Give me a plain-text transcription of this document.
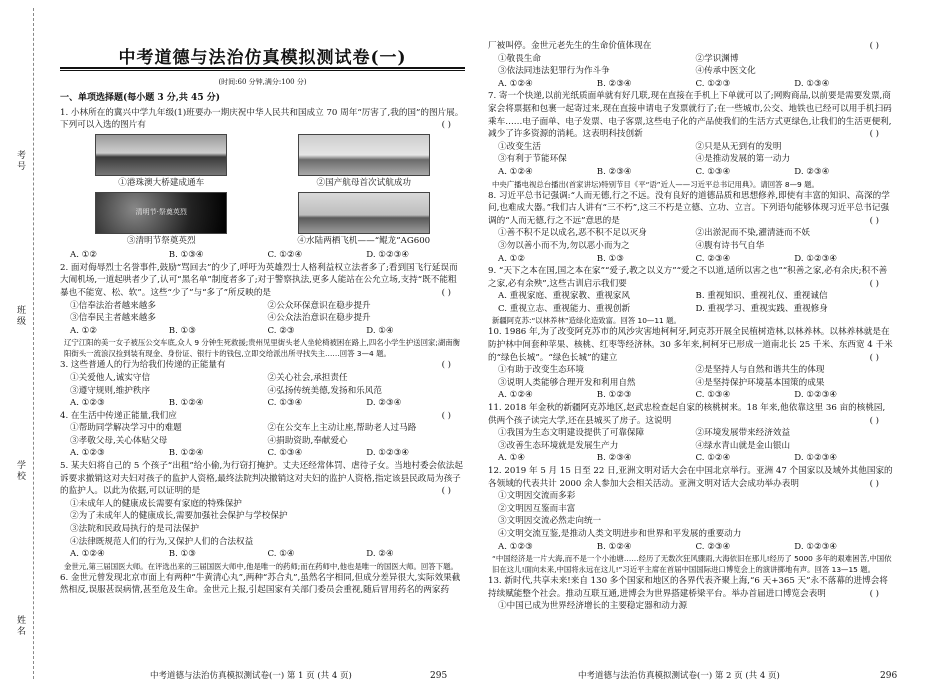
考号
班级
学校
姓名
中考道德与法治仿真模拟测试卷(一)
(时间:60 分钟,满分:100 分)
一、单项选择题(每小题 3 分,共 45 分)
1. 小林所在的冀兴中学九年级(1)班要办一期庆祝中华人民共和国成立 70 周年“厉害了,我的国”的图片展。下列可以入选的图片有	( )
①港珠澳大桥建成通车	②国产航母首次试航成功
清明节·祭奠英烈
③清明节祭奠英烈	④水陆两栖飞机——“鲲龙”AG600
A. ①②	B. ①③④	C. ①②④	D. ①②③④
2. 面对侮辱烈士名誉事件,鼓励“骂回去”的少了,呼吁为英雄烈士人格利益权立法者多了;看到国飞行延误而大闹机场,一道起哄者少了,认可“黑名单”制度者多了;对于警察执法,更多人能站在公允立场,支持“既不能粗暴也不能宽、松、软”。这些“少了”与“多了”所反映的是	( )
①信奉法治者越来越多	②公众环保意识在稳步提升
③信奉民主者越来越多	④公众法治意识在稳步提升
A. ①②	B. ①③	C. ②③	D. ①④
辽宁江阳的美一女子被压公交车底,众人 9 分钟生死救援;贵州见里街头老人坐轮椅被困在路上,四名小学生护送回家;湖南衡阳街头一流浪汉捡到装有现金、身份证、银行卡的钱包,立即交给派出所寻找失主……回答 3—4 题。
3. 这些普通人的行为给我们传递的正能量有	( )
①关爱他人,诚实守信	②关心社会,承担责任
③遵守规则,维护秩序	④弘扬传统美德,发扬和乐风范
A. ①②③	B. ①②④	C. ①③④	D. ②③④
4. 在生活中传递正能量,我们应	( )
①帮助同学解决学习中的难题	②在公交车上主动让座,帮助老人过马路
③孝敬父母,关心体贴父母	④捐助资助,奉献爱心
A. ①②③	B. ①②④	C. ①③④	D. ①②③④
5. 某夫妇将自己的 5 个孩子“出租”给小偷,为行窃打掩护。丈夫还经常体罚、虐待子女。当地村委会依法起诉要求撤销这对夫妇对孩子的监护人资格,最终法院判决撤销这对夫妇的监护人资格,指定该县民政局为孩子的监护人。以此为依据,可以证明的是	( )
①未成年人的健康成长需要有家庭的特殊保护
②为了未成年人的健康成长,需要加强社会保护与学校保护
③法院和民政局执行的是司法保护
④法律既规范人们的行为,又保护人们的合法权益
A. ①②④	B. ①③	C. ①④	D. ②④
金世元,第三届国医大师。在评选出来的三届国医大师中,他是唯一的药师;而在药师中,他也是唯一的国医大师。回答下题。
6. 金世元曾发现北京市面上有两种“牛黄清心丸”,两种“苏合丸”,虽然名字相同,但成分差异很大,实际效果截然相反,误服甚误病情,甚至危及生命。金世元上报,引起国家有关部门委员会重视,随后冒用药名的两家药
厂被叫停。金世元老先生的生命价值体现在	( )
①敬畏生命	②学识渊博
③依法同违法犯罪行为作斗争	④传承中医文化
A. ①②④	B. ②③④	C. ①②③	D. ①③④
7. 寄一个快递,以前光纸质面单就有好几联,现在直接在手机上下单就可以了;网购商品,以前要是需要发票,商家会将票据和包裹一起寄过来,现在直接申请电子发票就行了;在一些城市,公交、地铁也已经可以用手机扫码乘车……电子面单、电子发票、电子客票,这些电子化的产品使我们的生活方式更绿色,让我们的生活更便利,减少了许多资源的消耗。这表明科技创新	( )
①改变生活	②只是从无到有的发明
③有利于节能环保	④是推动发展的第一动力
A. ①②④	B. ②③④	C. ①③④	D. ②③④
中央广播电视总台播出(首家讲坛)特别节目《平“语”近人——习近平总书记用典》。请回答 8—9 题。
8. 习近平总书记强调:“人而无德,行之不远。没有良好的道德品质和思想修养,即使有丰富的知识、高深的学问,也难成大器。”我们古人讲有“三不朽”,这三不朽是立德、立功、立言。下列语句能够体现习近平总书记强调的“人而无德,行之不远”意思的是	( )
①善不积不足以成名,恶不积不足以灭身	②出淤泥而不染,濯清涟而不妖
③勿以善小而不为,勿以恶小而为之	④腹有诗书气自华
A. ①②	B. ①③	C. ②③④	D. ①②③④
9. “天下之本在国,国之本在家”“爱子,教之以义方”“爱之不以道,适所以害之也”“积善之家,必有余庆;积不善之家,必有余殃”,这些古训启示我们要	( )
A. 重视家庭、重视家教、重视家风	B. 重视知识、重视礼仪、重视诚信
C. 重视立志、重视能力、重视创新	D. 重视学习、重视实践、重视修身
新疆阿克苏:“以林养林”造绿化造致富。回答 10—11 题。
10. 1986 年,为了改变阿克苏市的风沙灾害地柯柯牙,阿克苏开展全民植树造林,以林养林。以林养林就是在防护林中间套种苹果、核桃、红枣等经济林。30 多年来,柯柯牙已形成一道南北长 25 千米、东西宽 4 千米的“绿色长城”。“绿色长城”的建立	( )
①有助于改变生态环境	②是坚持人与自然和谐共生的体现
③说明人类能够合理开发和利用自然	④是坚持保护环境基本国策的成果
A. ①②④	B. ①②③	C. ①③④	D. ①②③④
11. 2018 年金秋的新疆阿克苏地区,赵武忠检查起自家的核桃树来。18 年来,他依靠这里 36 亩的核桃园,供两个孩子读完大学,还在县城买了房子。这说明	( )
①我国为生态文明建设提供了可靠保障	②环境发展带来经济效益
③改善生态环境就是发展生产力	④绿水青山就是金山银山
A. ①④	B. ②③④	C. ①②④	D. ①②③④
12. 2019 年 5 月 15 日至 22 日,亚洲文明对话大会在中国北京举行。亚洲 47 个国家以及域外其他国家的各领域的代表共计 2000 余人参加大会相关活动。亚洲文明对话大会成功举办表明	( )
①文明因交流而多彩
②文明因互鉴而丰富
③文明因交流必然走向统一
④文明交流互鉴,是推动人类文明进步和世界和平发展的重要动力
A. ①②③	B. ①②④	C. ②③④	D. ①②③④
“中国经济是一片大海,而不是一个小池塘……经历了无数次狂风骤雨,大海依旧在那儿!经历了 5000 多年的艰难困苦,中国依旧在这儿!面向未来,中国将永远在这儿!”习近平主席在首届中国国际进口博览会上的演讲掷地有声。回答 13—15 题。
13. 新时代,共享未来!来自 130 多个国家和地区的各界代表齐聚上海,“6 天+365 天”永不落幕的进博会将持续赋能整个社会。推动互联互通,进博会为世界搭建桥梁平台。举办首届进口博览会表明	( )
①中国已成为世界经济增长的主要稳定器和动力源
中考道德与法治仿真模拟测试卷(一) 第 1 页 (共 4 页)	295	中考道德与法治仿真模拟测试卷(一) 第 2 页 (共 4 页)	296
